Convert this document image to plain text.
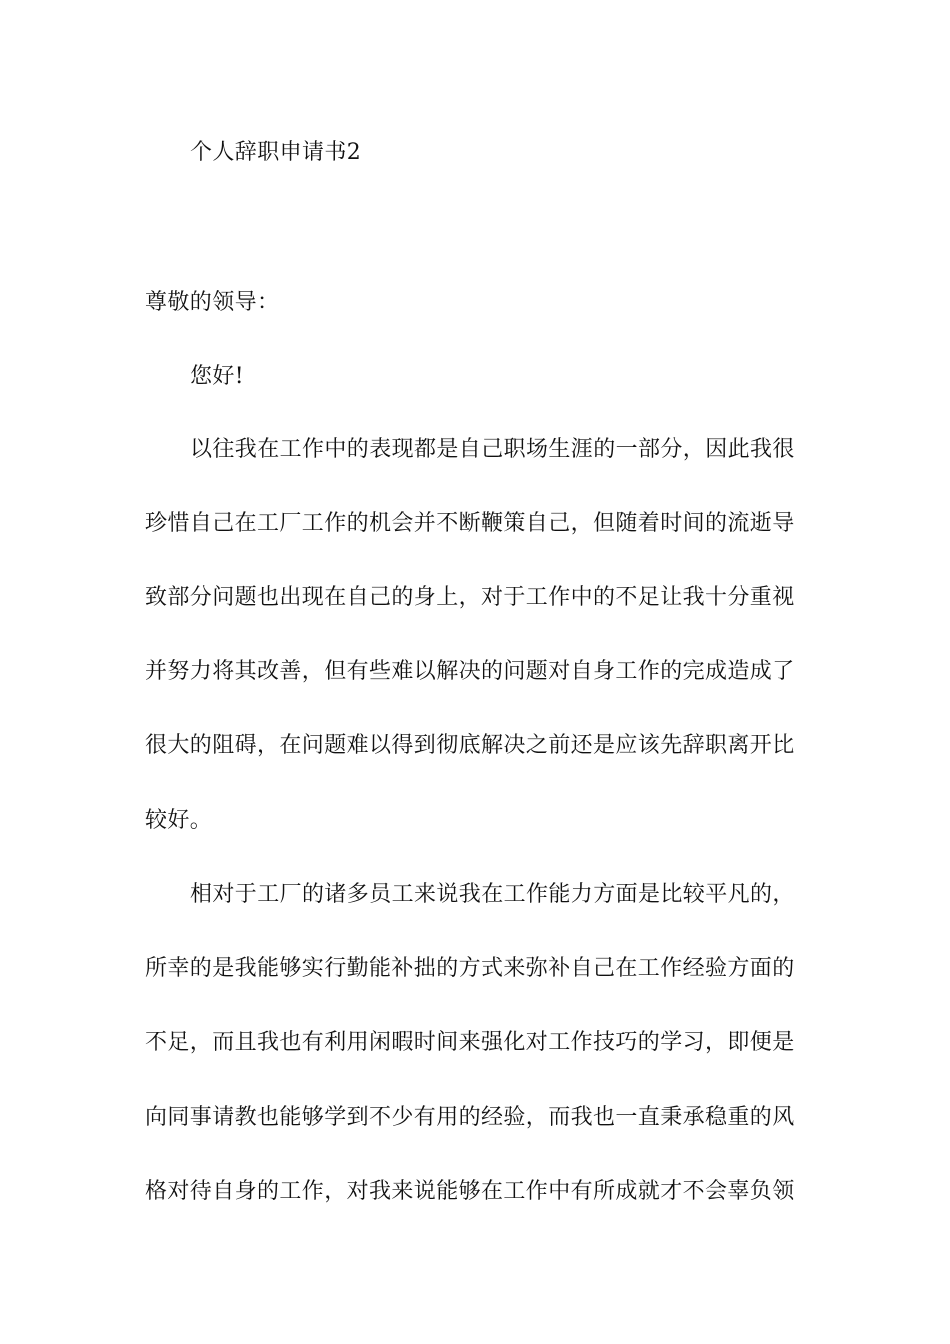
个人辞职申请书2
尊敬的领导：
您好!
以往我在工作中的表现都是自己职场生涯的一部分，因此我很
珍惜自己在工厂工作的机会并不断鞭策自己，但随着时间的流逝导
致部分问题也出现在自己的身上，对于工作中的不足让我十分重视
并努力将其改善，但有些难以解决的问题对自身工作的完成造成了
很大的阻碍，在问题难以得到彻底解决之前还是应该先辞职离开比
较好。
相对于工厂的诸多员工来说我在工作能力方面是比较平凡的，
所幸的是我能够实行勤能补拙的方式来弥补自己在工作经验方面的
不足，而且我也有利用闲暇时间来强化对工作技巧的学习，即便是
向同事请教也能够学到不少有用的经验，而我也一直秉承稳重的风
格对待自身的工作，对我来说能够在工作中有所成就才不会辜负领
